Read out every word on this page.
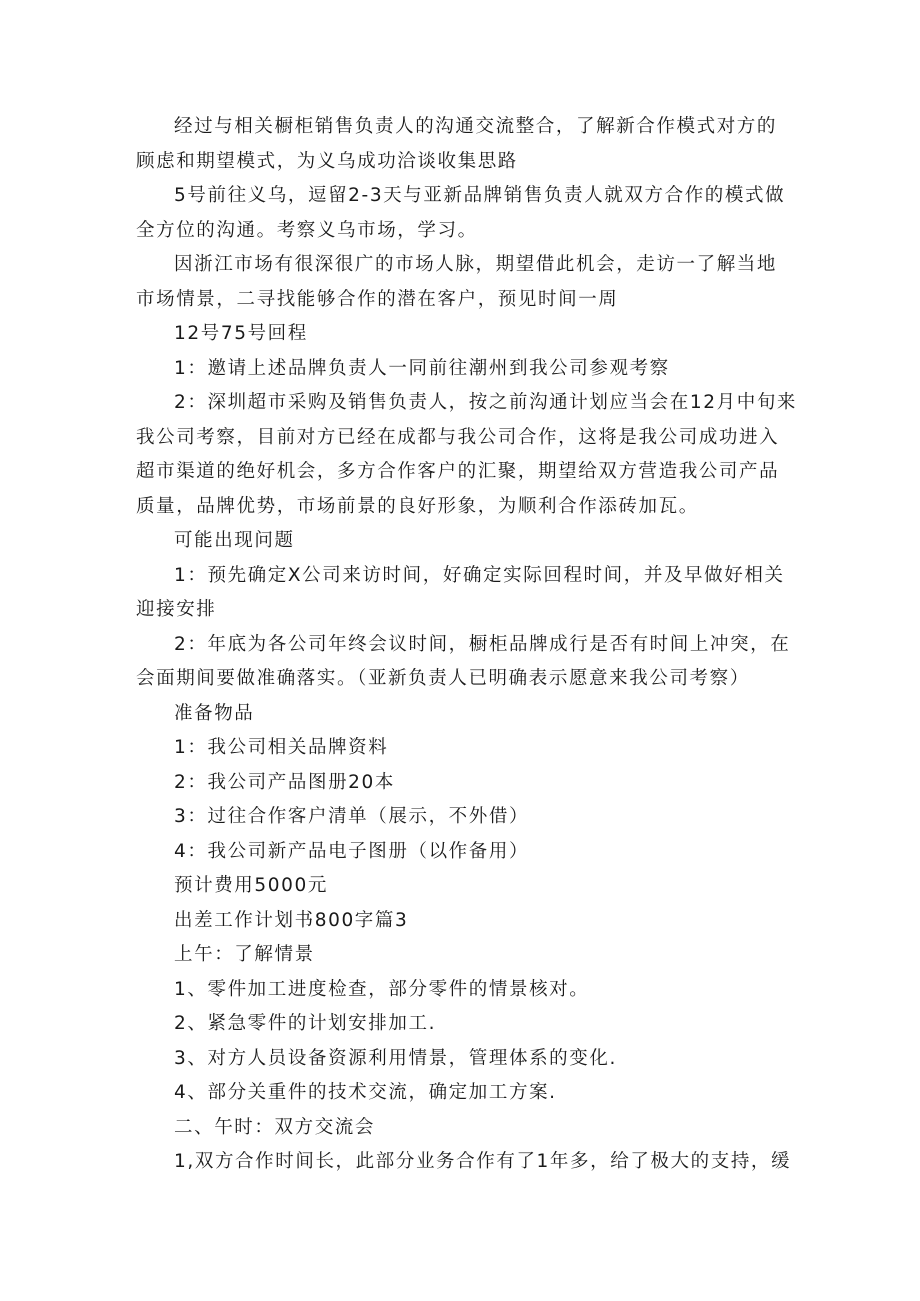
经过与相关橱柜销售负责人的沟通交流整合，了解新合作模式对方的
顾虑和期望模式，为义乌成功洽谈收集思路

5号前往义乌，逗留2-3天与亚新品牌销售负责人就双方合作的模式做
全方位的沟通。考察义乌市场，学习。

因浙江市场有很深很广的市场人脉，期望借此机会，走访一了解当地
市场情景，二寻找能够合作的潜在客户，预见时间一周

12号75号回程

1：邀请上述品牌负责人一同前往潮州到我公司参观考察

2：深圳超市采购及销售负责人，按之前沟通计划应当会在12月中旬来
我公司考察，目前对方已经在成都与我公司合作，这将是我公司成功进入
超市渠道的绝好机会，多方合作客户的汇聚，期望给双方营造我公司产品
质量，品牌优势，市场前景的良好形象，为顺利合作添砖加瓦。

可能出现问题

1：预先确定X公司来访时间，好确定实际回程时间，并及早做好相关
迎接安排

2：年底为各公司年终会议时间，橱柜品牌成行是否有时间上冲突，在
会面期间要做准确落实。（亚新负责人已明确表示愿意来我公司考察）

准备物品

1：我公司相关品牌资料

2：我公司产品图册20本

3：过往合作客户清单（展示，不外借）

4：我公司新产品电子图册（以作备用）

预计费用5000元

出差工作计划书800字篇3

上午：了解情景

1、零件加工进度检查，部分零件的情景核对。

2、紧急零件的计划安排加工.

3、对方人员设备资源利用情景，管理体系的变化.

4、部分关重件的技术交流，确定加工方案.

二、午时：双方交流会

1,双方合作时间长，此部分业务合作有了1年多，给了极大的支持，缓
